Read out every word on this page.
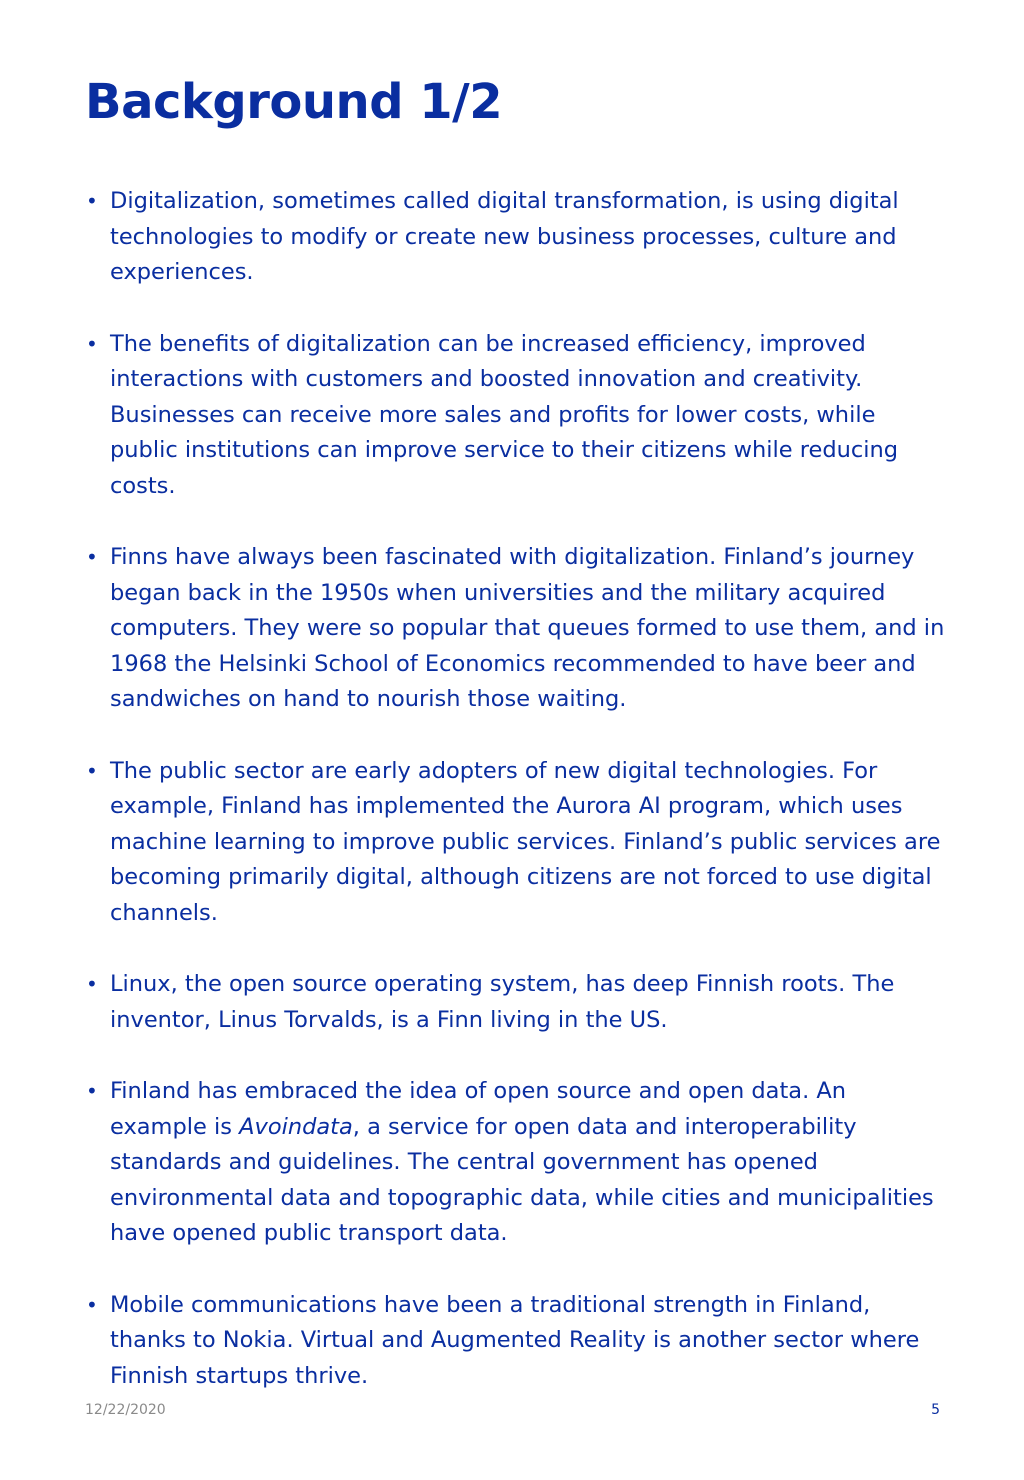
Background 1/2
• Digitalization, sometimes called digital transformation, is using digital technologies to modify or create new business processes, culture and experiences.
• The benefits of digitalization can be increased efficiency, improved interactions with customers and boosted innovation and creativity. Businesses can receive more sales and profits for lower costs, while public institutions can improve service to their citizens while reducing costs.
• Finns have always been fascinated with digitalization. Finland’s journey began back in the 1950s when universities and the military acquired computers. They were so popular that queues formed to use them, and in 1968 the Helsinki School of Economics recommended to have beer and sandwiches on hand to nourish those waiting.
• The public sector are early adopters of new digital technologies. For example, Finland has implemented the Aurora AI program, which uses machine learning to improve public services. Finland’s public services are becoming primarily digital, although citizens are not forced to use digital channels.
• Linux, the open source operating system, has deep Finnish roots. The inventor, Linus Torvalds, is a Finn living in the US.
• Finland has embraced the idea of open source and open data. An example is Avoindata, a service for open data and interoperability standards and guidelines. The central government has opened environmental data and topographic data, while cities and municipalities have opened public transport data.
• Mobile communications have been a traditional strength in Finland, thanks to Nokia. Virtual and Augmented Reality is another sector where Finnish startups thrive.
12/22/2020	5
